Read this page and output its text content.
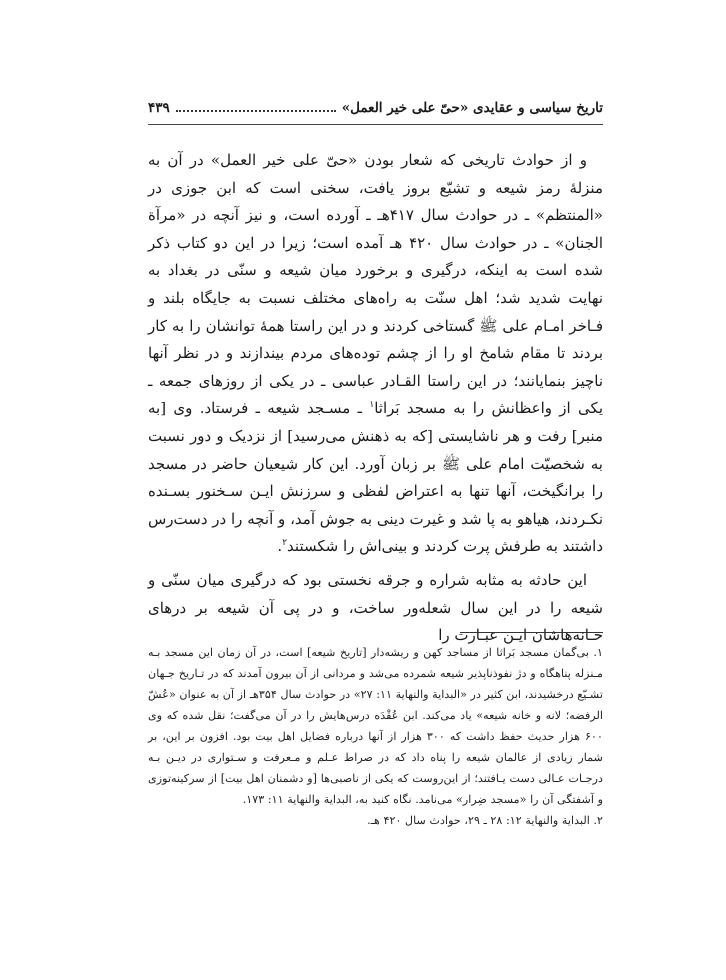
تاریخ سیاسی و عقایدی «حیّ علی خیر العمل»
۴۳۹

و از حوادث تاریخی که شعار بودن «حیّ علی خیر العمل» در آن به منزلهٔ رمز شیعه و تشیّع بروز یافت، سخنی است که ابن جوزی در «المنتظم» ـ در حوادث سال ۴۱۷هـ ـ آورده است، و نیز آنچه در «مرآة الجنان» ـ در حوادث سال ۴۲۰ هـ آمده است؛ زیرا در این دو کتاب ذکر شده است به اینکه، درگیری و برخورد میان شیعه و سنّی در بغداد به نهایت شدید شد؛ اهل سنّت به راه‌های مختلف نسبت به جایگاه بلند و فـاخر امـام علی ﷺ گستاخی کردند و در این راستا همهٔ توانشان را به کار بردند تا مقام شامخ او را از چشم توده‌های مردم بیندازند و در نظر آنها ناچیز بنمایانند؛ در این راستا القـادر عباسی ـ در یکی از روزهای جمعه ـ یکی از واعظانش را به مسجد بَراثا$^۱$ ـ مسـجد شیعه ـ فرستاد. وی [به منبر] رفت و هر ناشایستی [که به ذهنش می‌رسید] از نزدیک و دور نسبت به شخصیّت امام علی ﷺ بر زبان آورد. این کار شیعیان حاضر در مسجد را برانگیخت، آنها تنها به اعتراض لفظی و سرزنش ایـن سـخنور بسـنده نکـردند، هیاهو به پا شد و غیرت دینی به جوش آمد، و آنچه را در دست‌رس داشتند به طرفش پرت کردند و بینی‌اش را شکستند$^۲$.

این حادثه به مثابه شراره و جرقه نخستی بود که درگیری میان سنّی و شیعه را در این سال شعله‌ور ساخت، و در پی آن شیعه بر درهای خـانه‌هاشان ایـن عبـارت را

۱. بی‌گمان مسجد بَراثا از مساجد کهن و ریشه‌دار [تاریخ شیعه] است، در آن زمان این مسجد بـه مـنزله پناهگاه و دژ نفوذناپذیر شیعه شمرده می‌شد و مردانی از آن بیرون آمدند که در تـاریخ جـهان تشـیّع درخشیدند، ابن کثیر در «البدایة والنهایة ۱۱: ۲۷» در حوادث سال ۳۵۴هـ از آن به عنوان «عُشّ الرفضه؛ لانه و خانه شیعه» یاد می‌کند. ابن عُقْدَه درس‌هایش را در آن می‌گفت؛ نقل شده که وی ۶۰۰ هزار حدیث حفظ داشت که ۳۰۰ هزار از آنها درباره فضایل اهل بیت بود. افزون بر این، بر شمار زیادی از عالمان شیعه را پناه داد که در صراط عـلم و مـعرفت و سـتواری در دیـن بـه درجـات عـالی دست یـافتند؛ از این‌روست که یکی از ناصبی‌ها [و دشمنان اهل بیت] از سرکینه‌توزی و آشفتگی آن را «مسجد ضِرار» می‌نامد. نگاه کنید به، البدایة والنهایة ۱۱: ۱۷۳.

۲. البدایة والنهایة ۱۲: ۲۸ ـ ۲۹، حوادث سال ۴۲۰ هـ.
